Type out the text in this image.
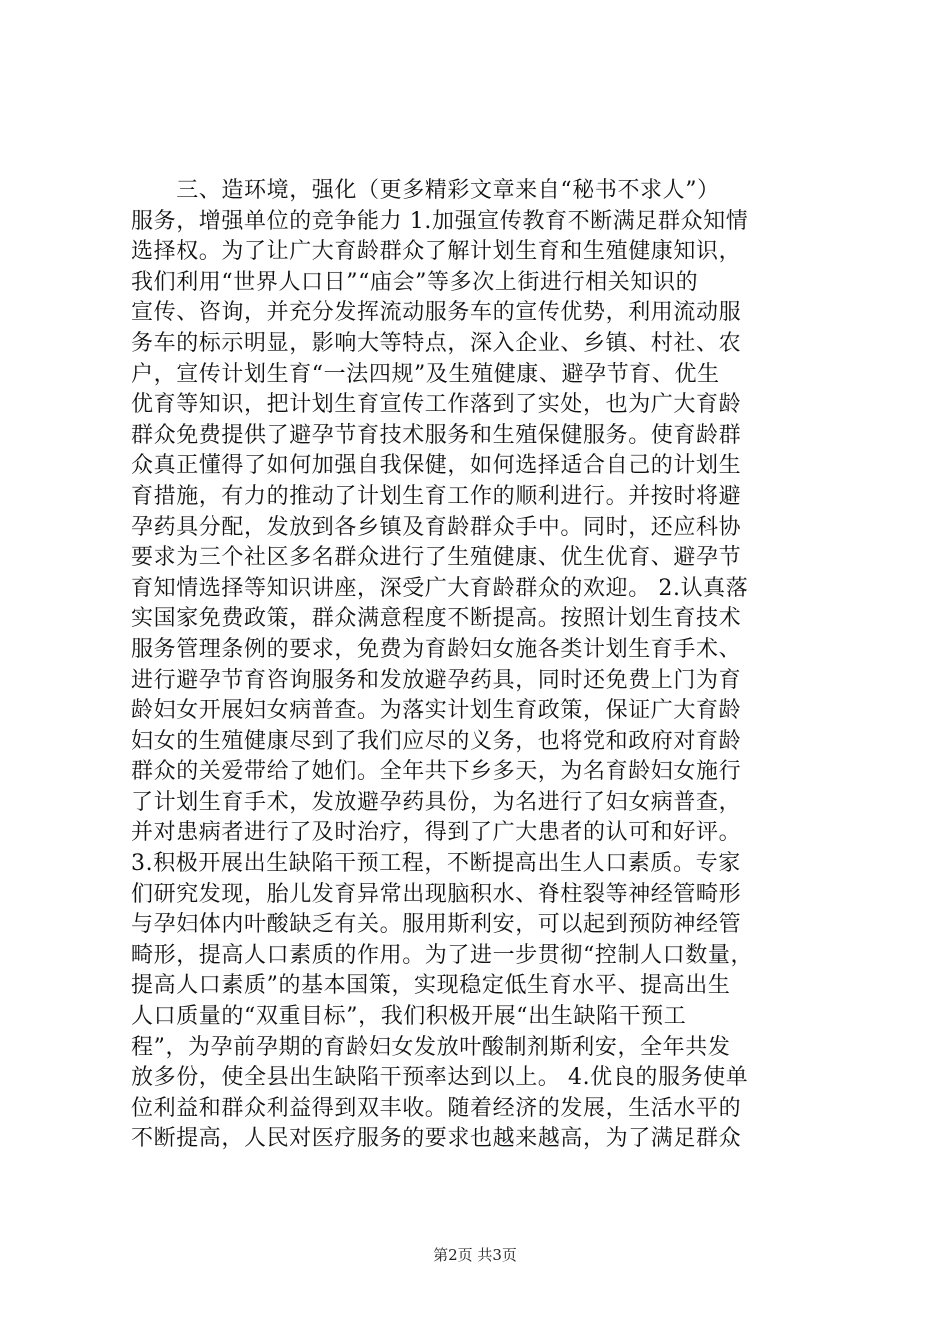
　　三、造环境，强化（更多精彩文章来自“秘书不求人”）
服务，增强单位的竞争能力 1.加强宣传教育不断满足群众知情
选择权。为了让广大育龄群众了解计划生育和生殖健康知识，
我们利用“世界人口日”“庙会”等多次上街进行相关知识的
宣传、咨询，并充分发挥流动服务车的宣传优势，利用流动服
务车的标示明显，影响大等特点，深入企业、乡镇、村社、农
户，宣传计划生育“一法四规”及生殖健康、避孕节育、优生
优育等知识，把计划生育宣传工作落到了实处，也为广大育龄
群众免费提供了避孕节育技术服务和生殖保健服务。使育龄群
众真正懂得了如何加强自我保健，如何选择适合自己的计划生
育措施，有力的推动了计划生育工作的顺利进行。并按时将避
孕药具分配，发放到各乡镇及育龄群众手中。同时，还应科协
要求为三个社区多名群众进行了生殖健康、优生优育、避孕节
育知情选择等知识讲座，深受广大育龄群众的欢迎。 2.认真落
实国家免费政策，群众满意程度不断提高。按照计划生育技术
服务管理条例的要求，免费为育龄妇女施各类计划生育手术、
进行避孕节育咨询服务和发放避孕药具，同时还免费上门为育
龄妇女开展妇女病普查。为落实计划生育政策，保证广大育龄
妇女的生殖健康尽到了我们应尽的义务，也将党和政府对育龄
群众的关爱带给了她们。全年共下乡多天，为名育龄妇女施行
了计划生育手术，发放避孕药具份，为名进行了妇女病普查，
并对患病者进行了及时治疗，得到了广大患者的认可和好评。
3.积极开展出生缺陷干预工程，不断提高出生人口素质。专家
们研究发现，胎儿发育异常出现脑积水、脊柱裂等神经管畸形
与孕妇体内叶酸缺乏有关。服用斯利安，可以起到预防神经管
畸形，提高人口素质的作用。为了进一步贯彻“控制人口数量，
提高人口素质”的基本国策，实现稳定低生育水平、提高出生
人口质量的“双重目标”，我们积极开展“出生缺陷干预工
程”，为孕前孕期的育龄妇女发放叶酸制剂斯利安，全年共发
放多份，使全县出生缺陷干预率达到以上。 4.优良的服务使单
位利益和群众利益得到双丰收。随着经济的发展，生活水平的
不断提高，人民对医疗服务的要求也越来越高，为了满足群众
第2页 共3页
